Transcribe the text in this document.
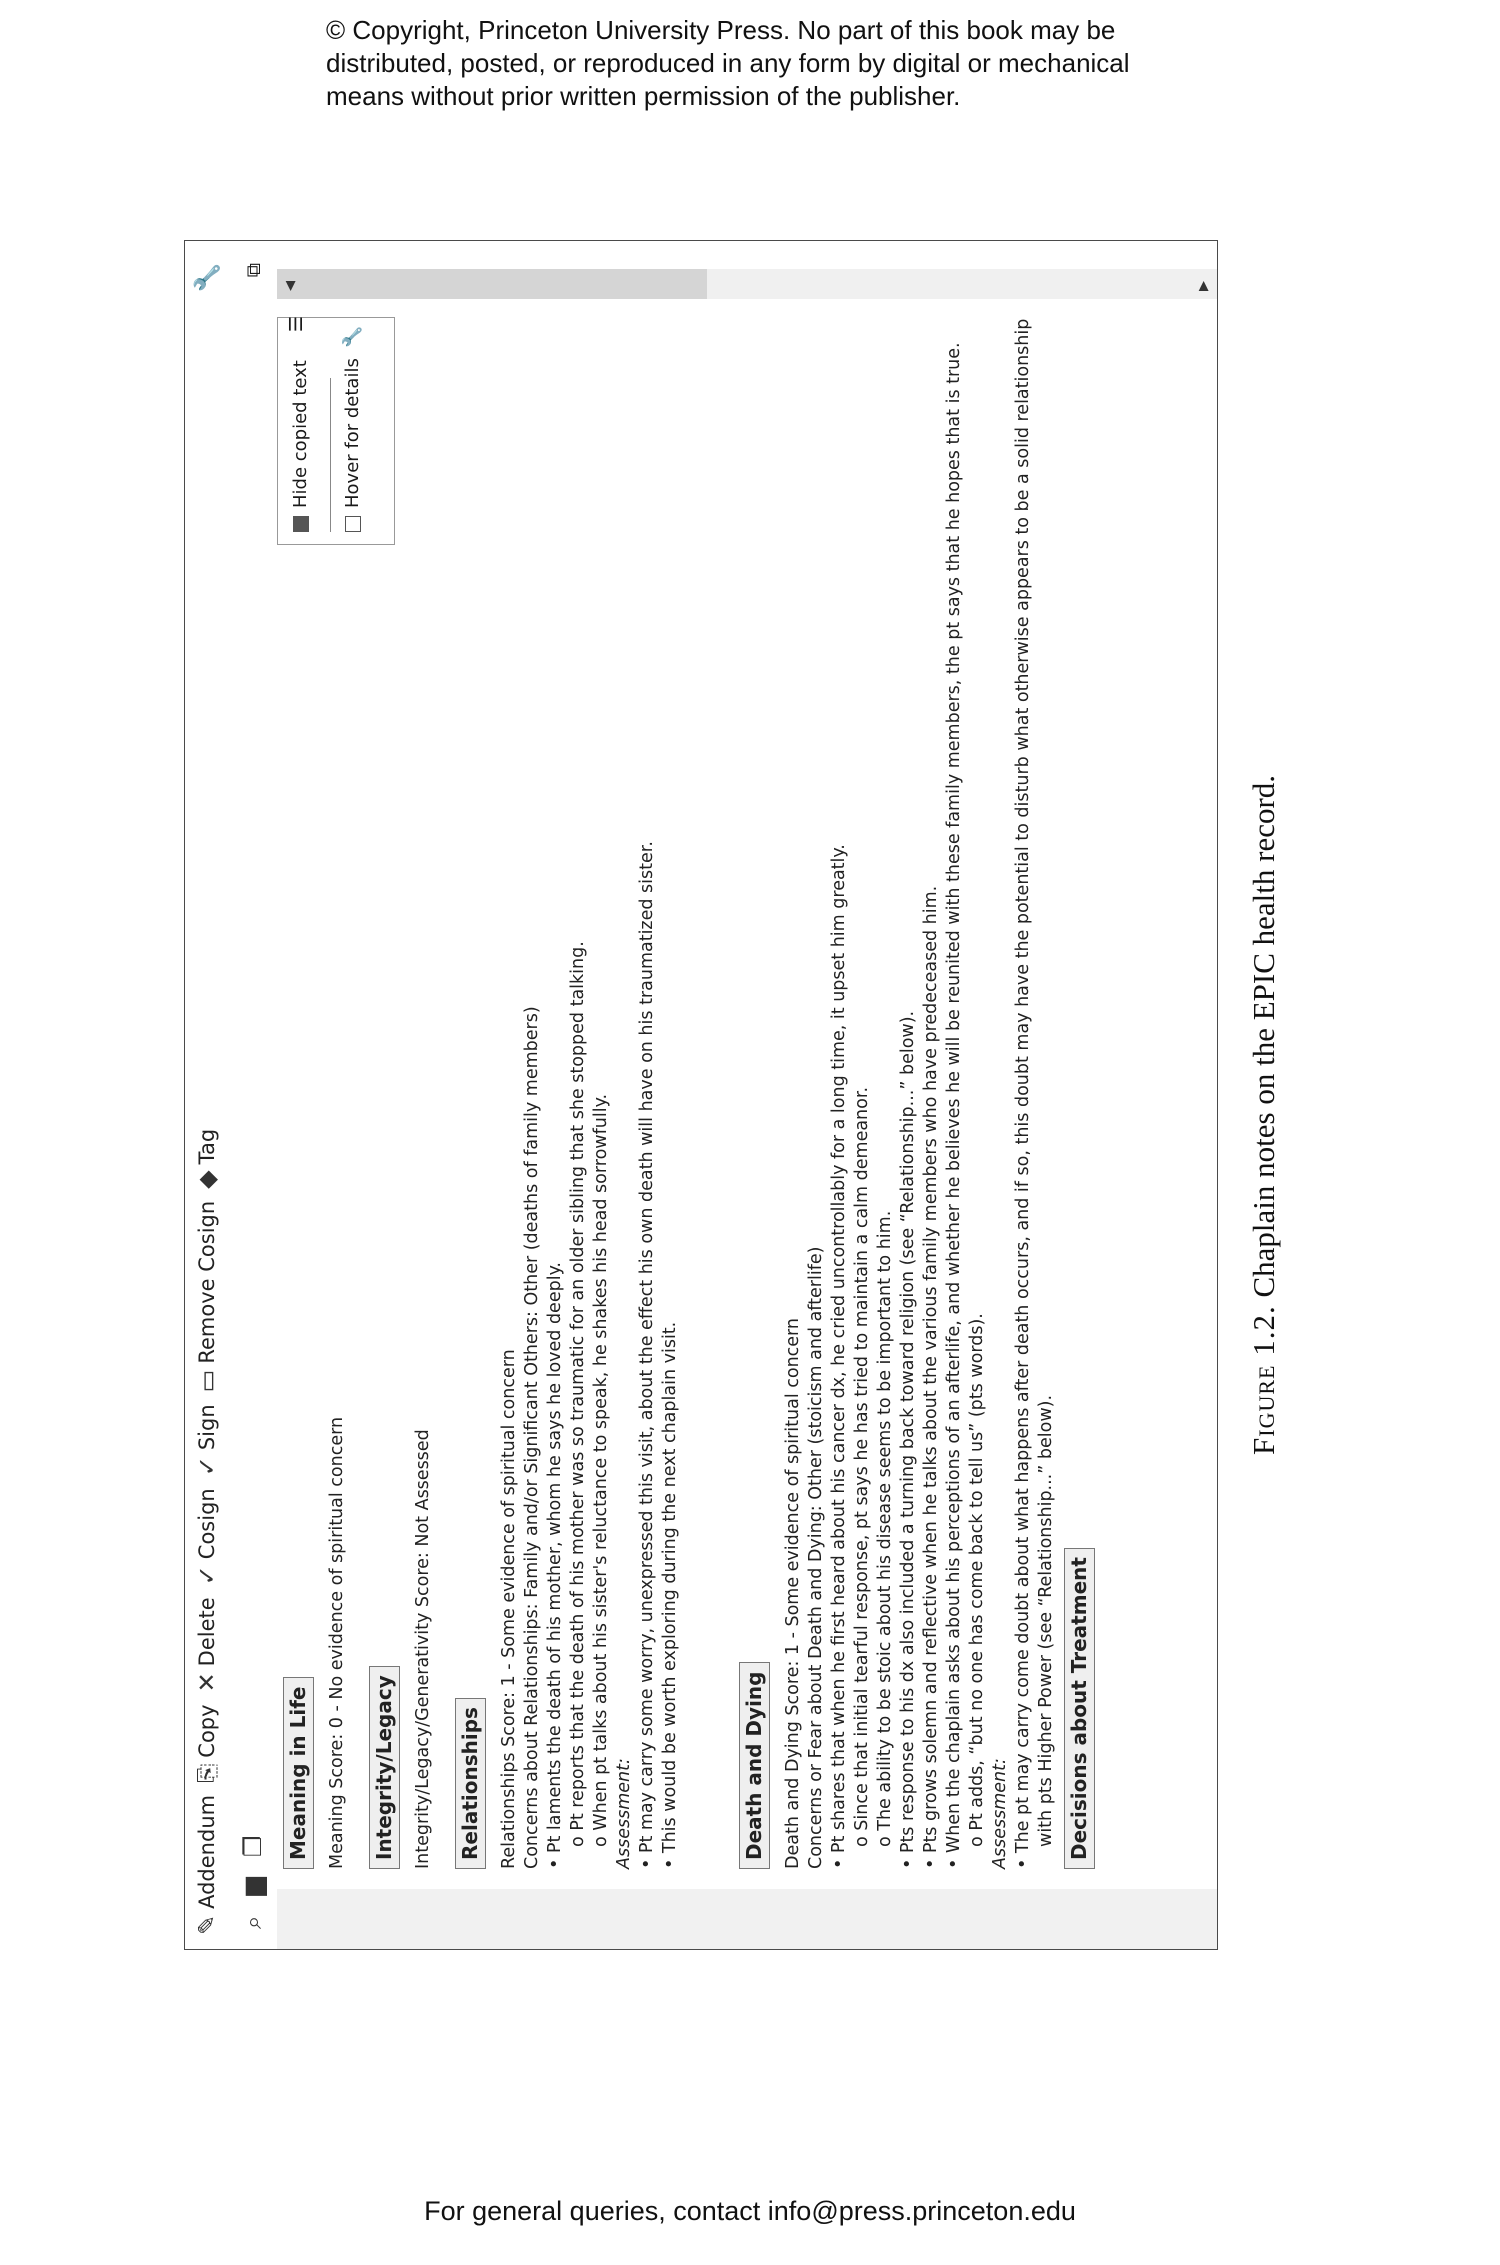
© Copyright, Princeton University Press. No part of this book may be
distributed, posted, or reproduced in any form by digital or mechanical
means without prior written permission of the publisher.
✎
Addendum
⎘
Copy
✕
Delete
✓
Cosign
✓
Sign
▭
Remove Cosign
◆
Tag
🔧
⌕
▆
❐
⧉
Meaning in Life Meaning Score: 0 - No evidence of spiritual concern Integrity/Legacy Integrity/Legacy/Generativity Score: Not Assessed Relationships Relationships Score: 1 - Some evidence of spiritual concern Concerns about Relationships: Family and/or Significant Others: Other (deaths of family members) • Pt laments the death of his mother, whom he says he loved deeply. o Pt reports that the death of his mother was so traumatic for an older sibling that she stopped talking. o When pt talks about his sister's reluctance to speak, he shakes his head sorrowfully. Assessment: • Pt may carry some worry, unexpressed this visit, about the effect his own death will have on his traumatized sister. • This would be worth exploring during the next chaplain visit.	Death and Dying Death and Dying Score: 1 - Some evidence of spiritual concern Concerns or Fear about Death and Dying: Other (stoicism and afterlife) • Pt shares that when he first heard about his cancer dx, he cried uncontrollably for a long time, it upset him greatly. o Since that initial tearful response, pt says he has tried to maintain a calm demeanor. o The ability to be stoic about his disease seems to be important to him. • Pts response to his dx also included a turning back toward religion (see “Relationship...” below). • Pts grows solemn and reflective when he talks about the various family members who have predeceased him. • When the chaplain asks about his perceptions of an afterlife, and whether he believes he will be reunited with these family members, the pt says that he hopes that is true. o Pt adds, “but no one has come back to tell us” (pts words). Assessment: • The pt may carry come doubt about what happens after death occurs, and if so, this doubt may have the potential to disturb what otherwise appears to be a solid relationship with pts Higher Power (see “Relationship...” below). Decisions about Treatment
Hide copied text Hover for details
🔧
☰
◀	▶
Figure 1.2. Chaplain notes on the EPIC health record.
For general queries, contact info@press.princeton.edu
